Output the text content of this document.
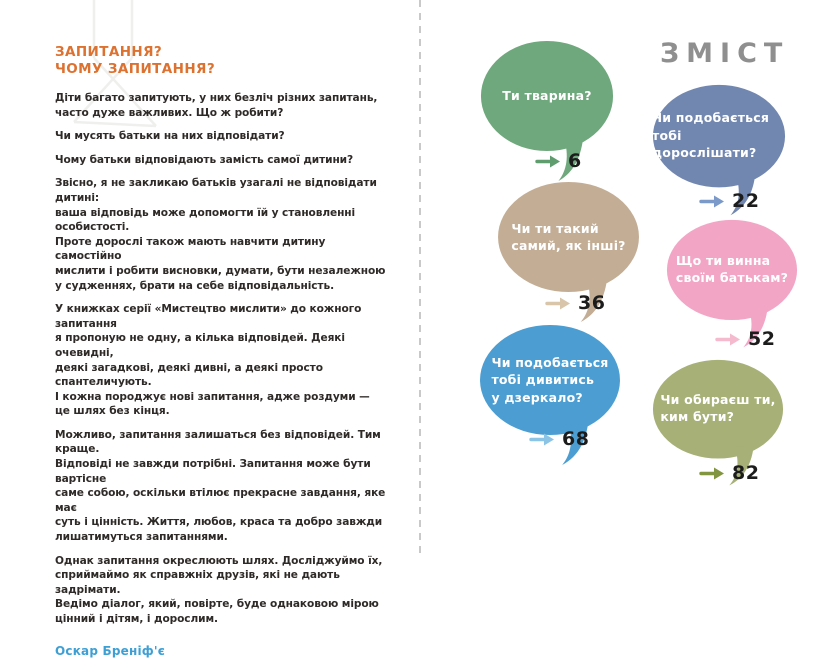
ЗАПИТАННЯ?
ЧОМУ ЗАПИТАННЯ?

Діти багато запитують, у них безліч різних запитань,
часто дуже важливих. Що ж робити?

Чи мусять батьки на них відповідати?

Чому батьки відповідають замість самої дитини?

Звісно, я не закликаю батьків узагалі не відповідати дитині:
ваша відповідь може допомогти їй у становленні особистості.
Проте дорослі також мають навчити дитину самостійно
мислити і робити висновки, думати, бути незалежною
у судженнях, брати на себе відповідальність.

У книжках серії «Мистецтво мислити» до кожного запитання
я пропоную не одну, а кілька відповідей. Деякі очевидні,
деякі загадкові, деякі дивні, а деякі просто спантеличують.
І кожна породжує нові запитання, адже роздуми —
це шлях без кінця.

Можливо, запитання залишаться без відповідей. Тим краще.
Відповіді не завжди потрібні. Запитання може бути вартісне
саме собою, оскільки втілює прекрасне завдання, яке має
суть і цінність. Життя, любов, краса та добро завжди
лишатимуться запитаннями.

Однак запитання окреслюють шлях. Досліджуймо їх,
сприймаймо як справжніх друзів, які не дають задрімати.
Ведімо діалог, який, повірте, буде однаковою мірою
цінний і дітям, і дорослим.

Оскар Бреніф'є
ЗМІСТ
Ти тварина?
6
Чи подобається
тобі дорослішати?
22
Чи ти такий
самий, як інші?
36
Що ти винна
своїм батькам?
52
Чи подобається
тобі дивитись
у дзеркало?
68
Чи обираєш ти,
ким бути?
82
